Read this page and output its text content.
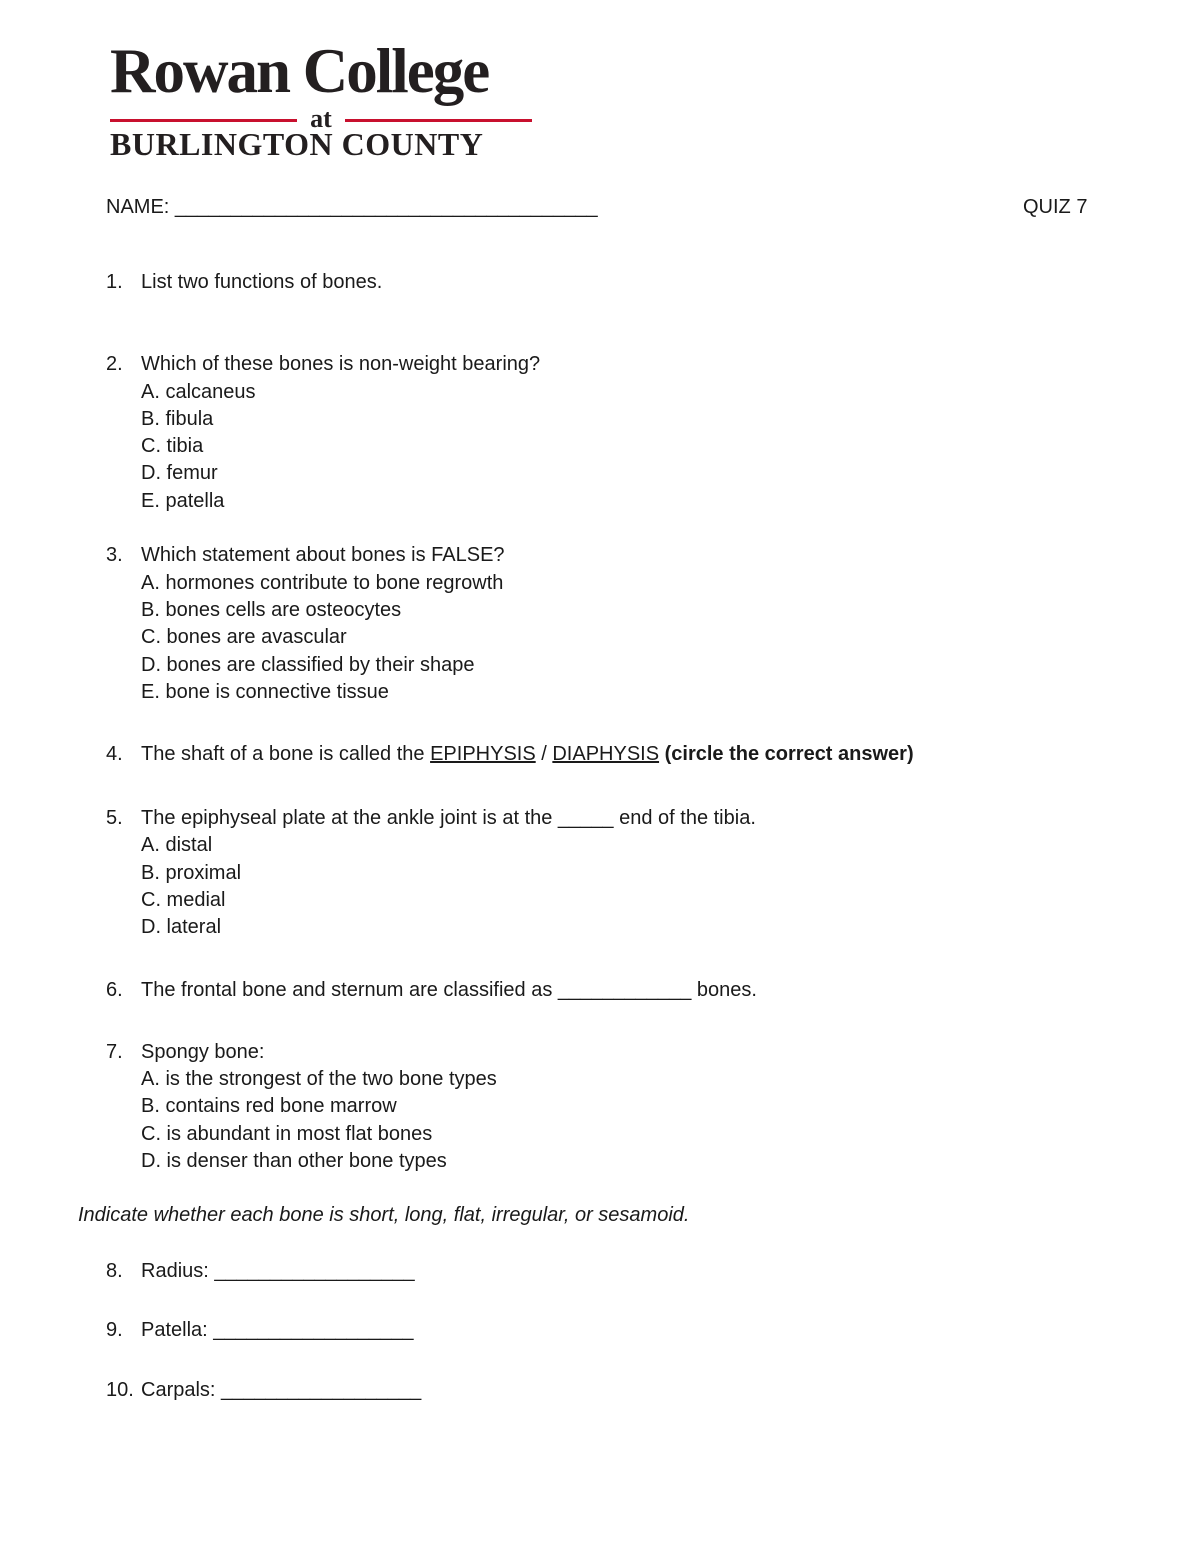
Rowan College
at
BURLINGTON COUNTY
NAME: ______________________________________	QUIZ 7
1. List two functions of bones.
2. Which of these bones is non-weight bearing?
A. calcaneus
B. fibula
C. tibia
D. femur
E. patella
3. Which statement about bones is FALSE?
A. hormones contribute to bone regrowth
B. bones cells are osteocytes
C. bones are avascular
D. bones are classified by their shape
E. bone is connective tissue
4. The shaft of a bone is called the EPIPHYSIS / DIAPHYSIS (circle the correct answer)
5. The epiphyseal plate at the ankle joint is at the _____ end of the tibia.
A. distal
B. proximal
C. medial
D. lateral
6. The frontal bone and sternum are classified as ____________ bones.
7. Spongy bone:
A. is the strongest of the two bone types
B. contains red bone marrow
C. is abundant in most flat bones
D. is denser than other bone types
Indicate whether each bone is short, long, flat, irregular, or sesamoid.
8. Radius: __________________
9. Patella: __________________
10. Carpals: __________________
